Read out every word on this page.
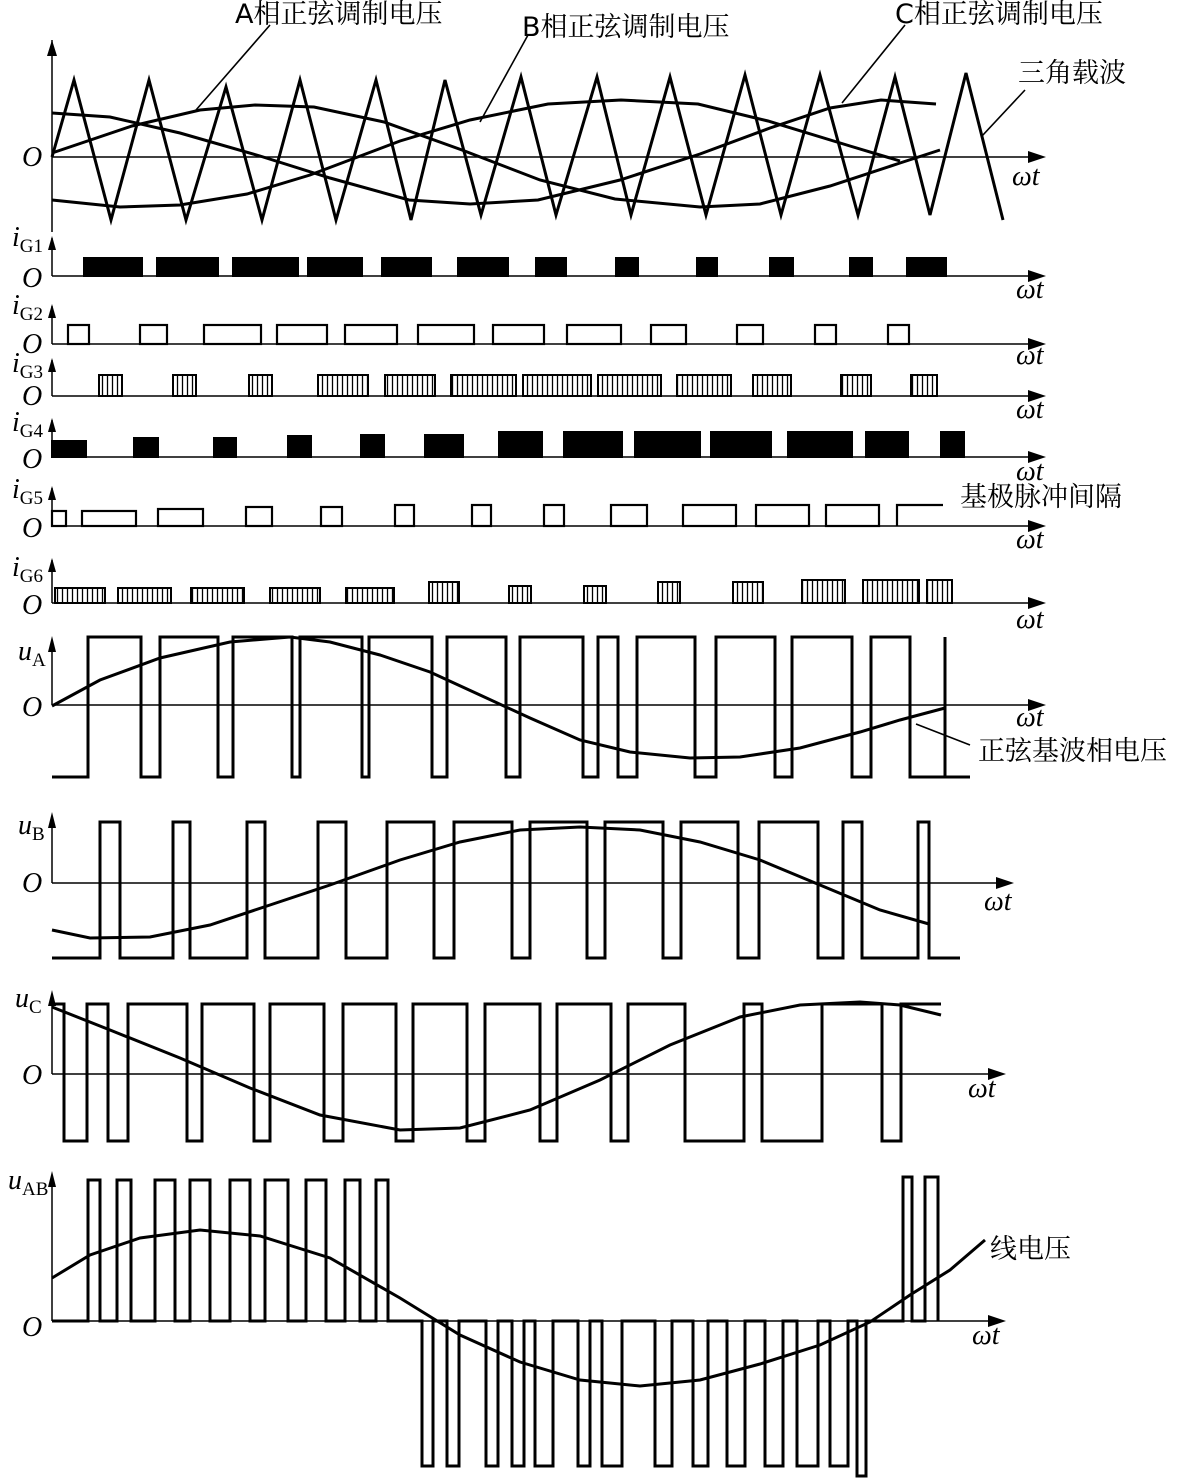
A相正弦调制电压	B相正弦调制电压	C相正弦调制电压
三角载波
O
ωt
$i_{G1}$
O	ωt
$i_{G2}$
O	ωt
$i_{G3}$
O	ωt
$i_{G4}$
O	ωt
$i_{G5}$
O	ωt
基极脉冲间隔
$i_{G6}$
O	ωt
$u_A$
O	ωt
正弦基波相电压
$u_B$
O
ωt
$u_C$
O	ωt
$u_{AB}$
O	ωt
线电压
